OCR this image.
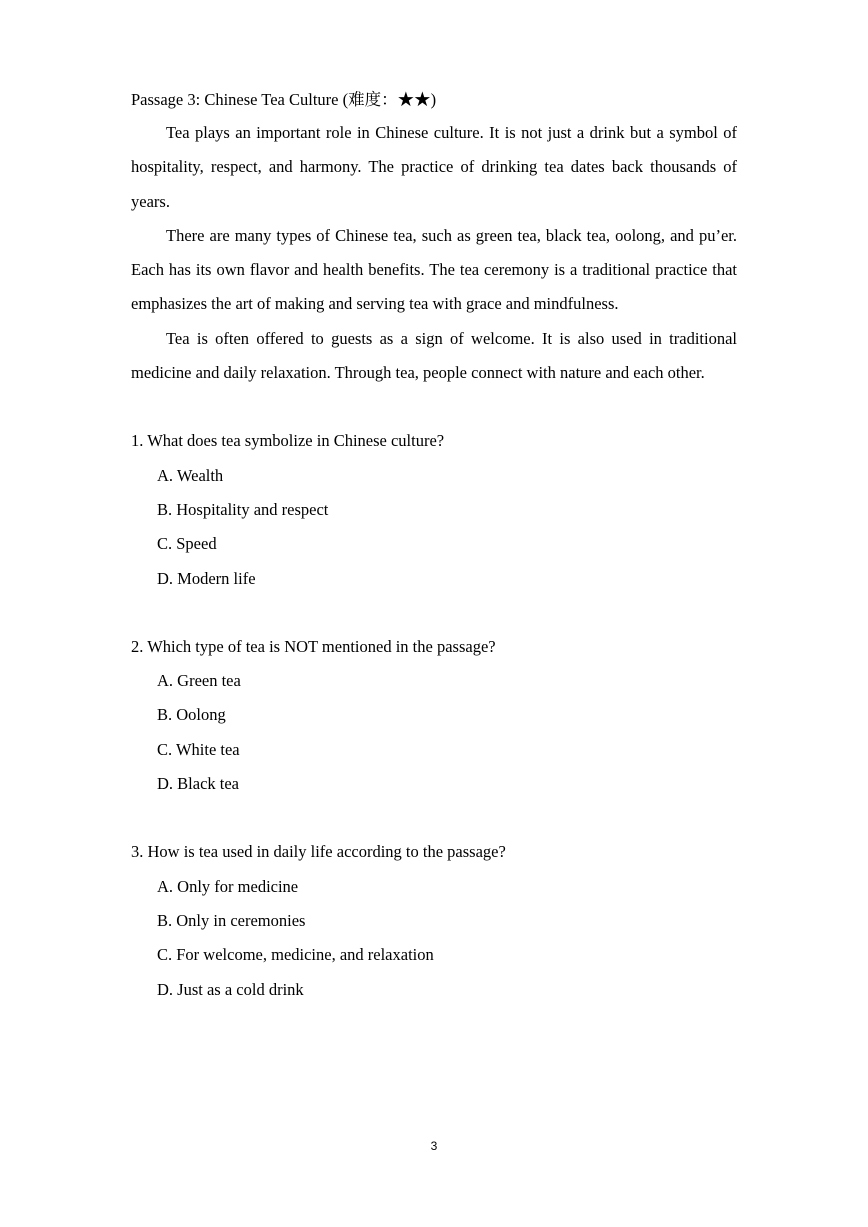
Passage 3: Chinese Tea Culture (难度：★★)

Tea plays an important role in Chinese culture. It is not just a drink but a symbol of hospitality, respect, and harmony. The practice of drinking tea dates back thousands of years.

There are many types of Chinese tea, such as green tea, black tea, oolong, and pu’er. Each has its own flavor and health benefits. The tea ceremony is a traditional practice that emphasizes the art of making and serving tea with grace and mindfulness.

Tea is often offered to guests as a sign of welcome. It is also used in traditional medicine and daily relaxation. Through tea, people connect with nature and each other.

1. What does tea symbolize in Chinese culture?
A. Wealth
B. Hospitality and respect
C. Speed
D. Modern life
2. Which type of tea is NOT mentioned in the passage?
A. Green tea
B. Oolong
C. White tea
D. Black tea
3. How is tea used in daily life according to the passage?
A. Only for medicine
B. Only in ceremonies
C. For welcome, medicine, and relaxation
D. Just as a cold drink
3
